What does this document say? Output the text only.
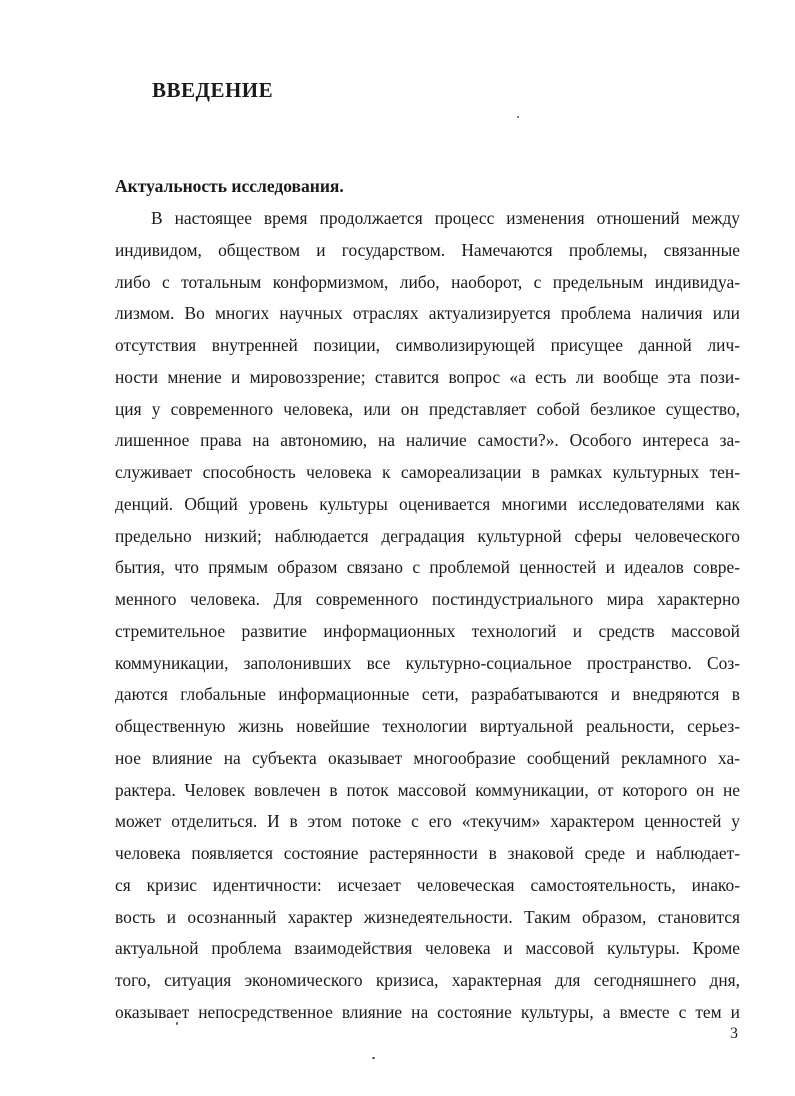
ВВЕДЕНИЕ
Актуальность исследования.
В настоящее время продолжается процесс изменения отношений между
индивидом, обществом и государством. Намечаются проблемы, связанные
либо с тотальным конформизмом, либо, наоборот, с предельным индивидуа-
лизмом. Во многих научных отраслях актуализируется проблема наличия или
отсутствия внутренней позиции, символизирующей присущее данной лич-
ности мнение и мировоззрение; ставится вопрос «а есть ли вообще эта пози-
ция у современного человека, или он представляет собой безликое существо,
лишенное права на автономию, на наличие самости?». Особого интереса за-
служивает способность человека к самореализации в рамках культурных тен-
денций. Общий уровень культуры оценивается многими исследователями как
предельно низкий; наблюдается деградация культурной сферы человеческого
бытия, что прямым образом связано с проблемой ценностей и идеалов совре-
менного человека. Для современного постиндустриального мира характерно
стремительное развитие информационных технологий и средств массовой
коммуникации, заполонивших все культурно-социальное пространство. Соз-
даются глобальные информационные сети, разрабатываются и внедряются в
общественную жизнь новейшие технологии виртуальной реальности, серьез-
ное влияние на субъекта оказывает многообразие сообщений рекламного ха-
рактера. Человек вовлечен в поток массовой коммуникации, от которого он не
может отделиться. И в этом потоке с его «текучим» характером ценностей у
человека появляется состояние растерянности в знаковой среде и наблюдает-
ся кризис идентичности: исчезает человеческая самостоятельность, инако-
вость и осознанный характер жизнедеятельности. Таким образом, становится
актуальной проблема взаимодействия человека и массовой культуры. Кроме
того, ситуация экономического кризиса, характерная для сегодняшнего дня,
оказывает непосредственное влияние на состояние культуры, а вместе с тем и
3
